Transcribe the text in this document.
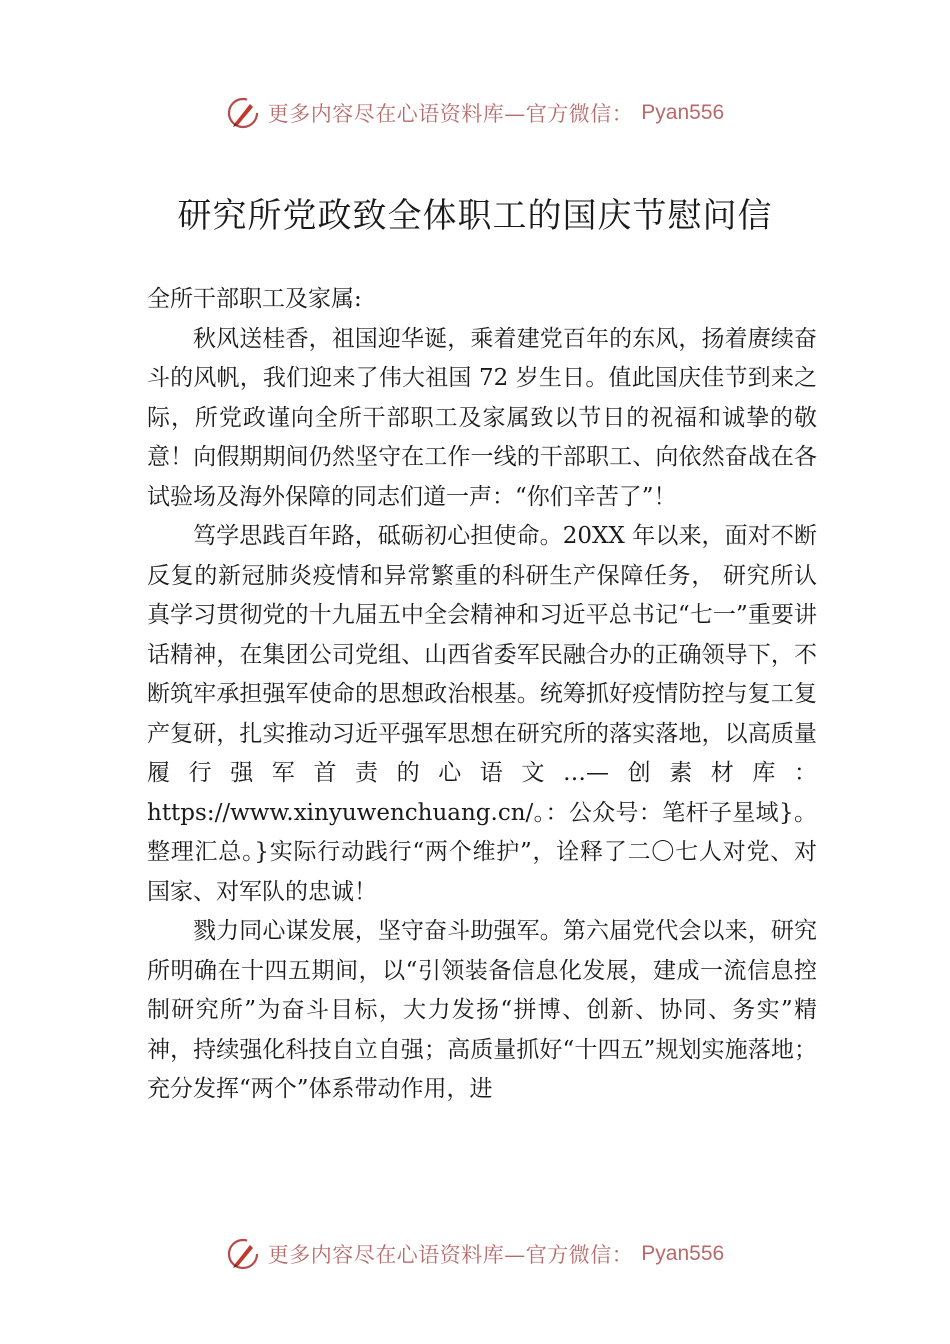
更多内容尽在心语资料库—官方微信： Pyan556
研究所党政致全体职工的国庆节慰问信

全所干部职工及家属:

秋风送桂香，祖国迎华诞，乘着建党百年的东风，扬着赓续奋斗的风帆，我们迎来了伟大祖国 72 岁生日。值此国庆佳节到来之际，所党政谨向全所干部职工及家属致以节日的祝福和诚挚的敬意！向假期期间仍然坚守在工作一线的干部职工、向依然奋战在各试验场及海外保障的同志们道一声：“你们辛苦了”！

笃学思践百年路，砥砺初心担使命。20XX 年以来，面对不断反复的新冠肺炎疫情和异常繁重的科研生产保障任务， 研究所认真学习贯彻党的十九届五中全会精神和习近平总书记“七一”重要讲话精神，在集团公司党组、山西省委军民融合办的正确领导下，不断筑牢承担强军使命的思想政治根基。统筹抓好疫情防控与复工复产复研，扎实推动习近平强军思想在研究所的落实落地，以高质量履行强军首责的心语文…—创素材库：https://www.xinyuwenchuang.cn/。：公众号：笔杆子星域}。整理汇总。}实际行动践行“两个维护”，诠释了二〇七人对党、对国家、对军队的忠诚！

戮力同心谋发展，坚守奋斗助强军。第六届党代会以来，研究所明确在十四五期间，以“引领装备信息化发展，建成一流信息控制研究所”为奋斗目标，大力发扬“拼博、创新、协同、务实”精神，持续强化科技自立自强；高质量抓好“十四五”规划实施落地；充分发挥“两个”体系带动作用，进

更多内容尽在心语资料库—官方微信： Pyan556
